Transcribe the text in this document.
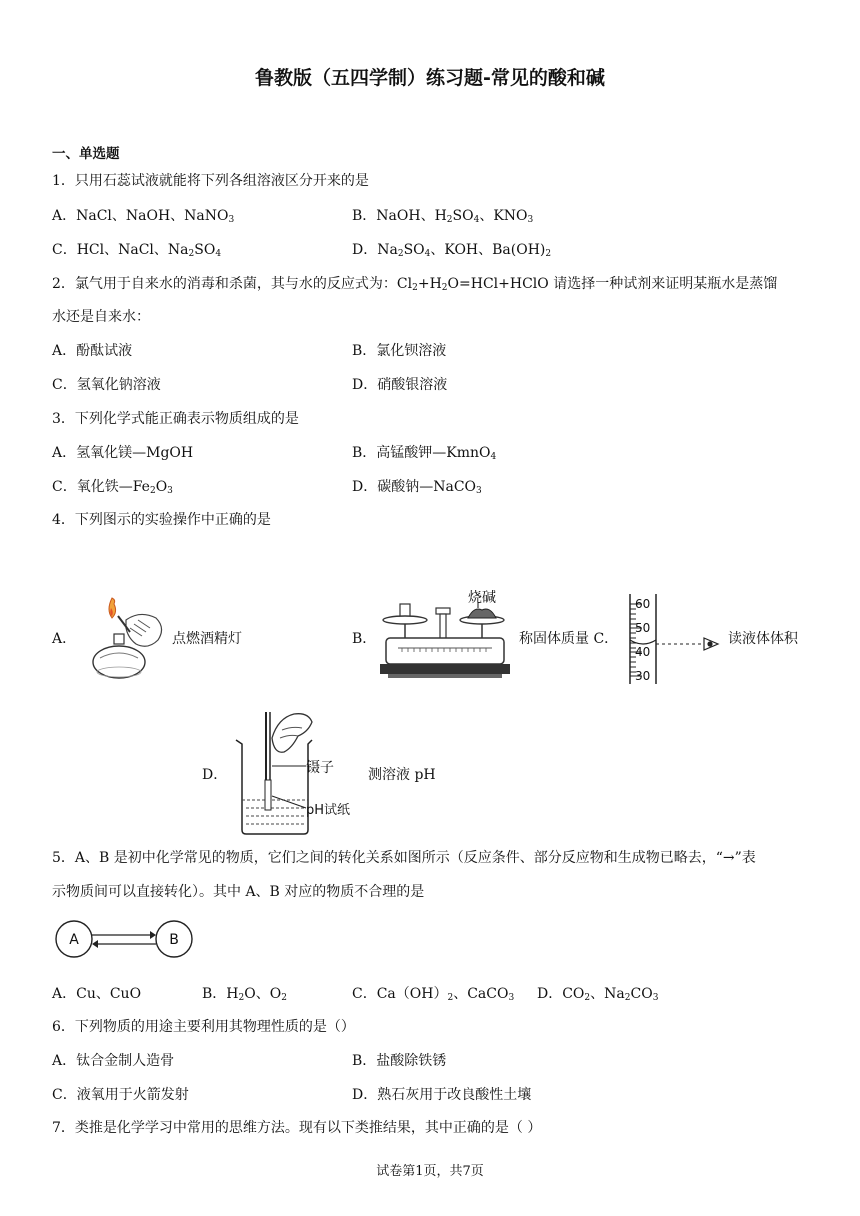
鲁教版（五四学制）练习题-常见的酸和碱
一、单选题
1．只用石蕊试液就能将下列各组溶液区分开来的是
A．NaCl、NaOH、NaNO$_3$	B．NaOH、$H_2SO_4$、$KNO_3$
C．HCl、NaCl、$Na_2SO_4$	D．$Na_2SO_4$、KOH、$Ba(OH)_2$
2．氯气用于自来水的消毒和杀菌，其与水的反应式为：$Cl_2+H_2O=HCl+HClO$ 请选择一种试剂来证明某瓶水是蒸馏
水还是自来水：
A．酚酞试液	B．氯化钡溶液
C．氢氧化钠溶液	D．硝酸银溶液
3．下列化学式能正确表示物质组成的是
A．氢氧化镁—MgOH	B．高锰酸钾—KmnO$_4$
C．氧化铁$—Fe_2O_3$	D．碳酸钠—NaCO$_3$
4．下列图示的实验操作中正确的是
A．	点燃酒精灯	B．
烧碱
称固体质量 C．
60
50
40
30
读液体体积
D．	镊子
pH试纸
测溶液 pH
5．A、B 是初中化学常见的物质，它们之间的转化关系如图所示（反应条件、部分反应物和生成物已略去，“→”表
示物质间可以直接转化）。其中 A、B 对应的物质不合理的是
A	B
A．Cu、CuO	B．$H_2O$、$O_2$	C．$Ca(OH)_2$、CaCO$_3$ D．$CO_2$、$Na_2CO_3$
6．下列物质的用途主要利用其物理性质的是（）
A．钛合金制人造骨	B．盐酸除铁锈
C．液氧用于火箭发射	D．熟石灰用于改良酸性土壤
7．类推是化学学习中常用的思维方法。现有以下类推结果，其中正确的是（ ）
试卷第1页，共7页
